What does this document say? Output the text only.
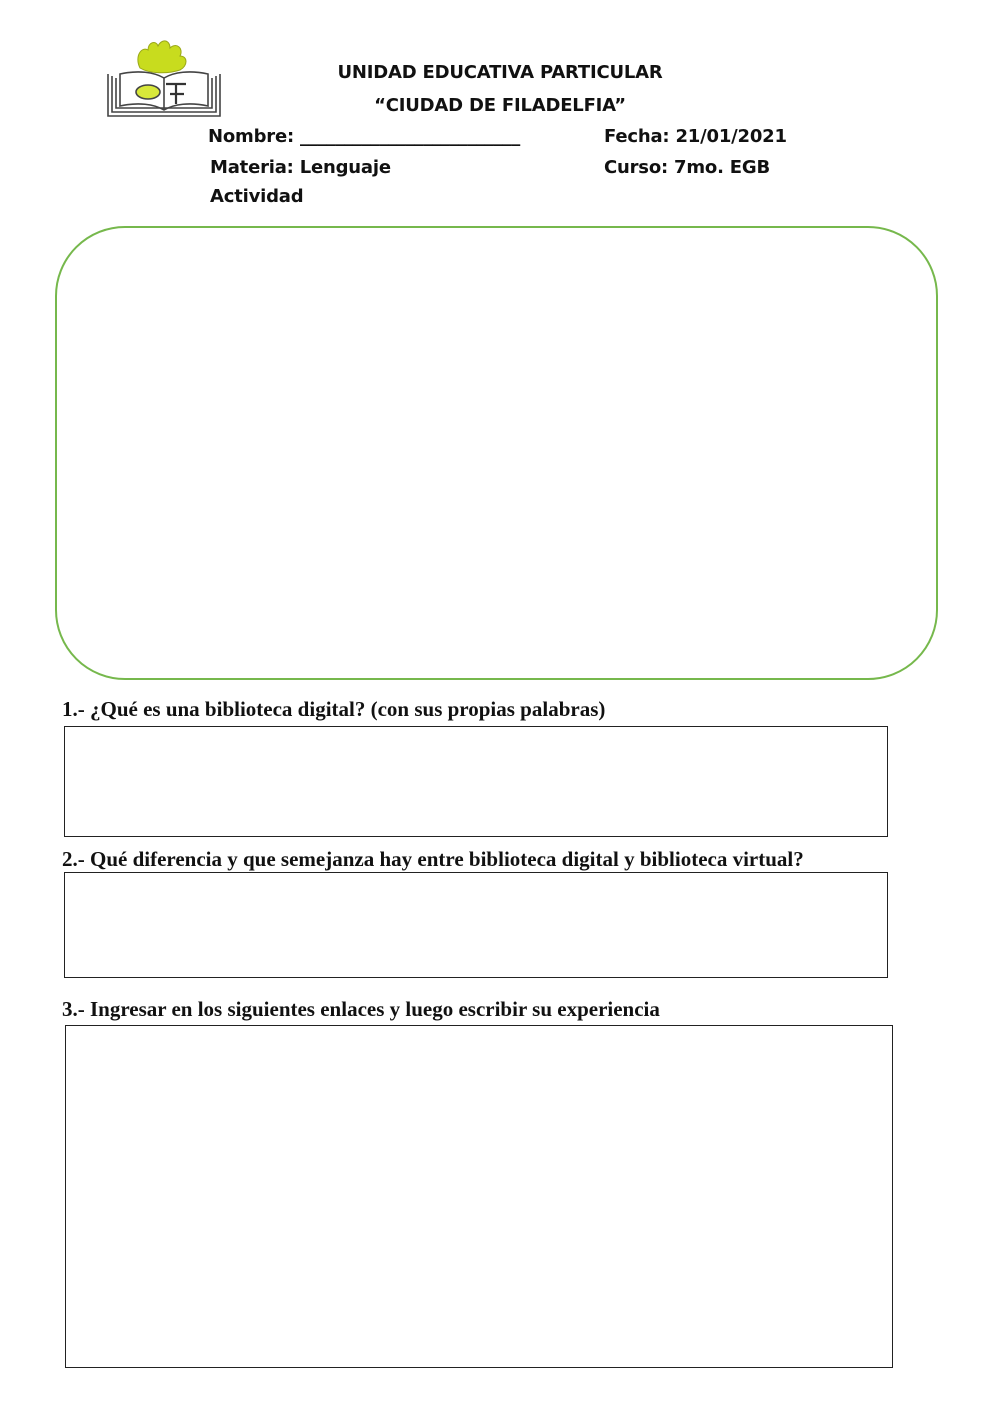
UNIDAD EDUCATIVA PARTICULAR
“CIUDAD DE FILADELFIA”
Nombre: _________________________	Fecha: 21/01/2021
Materia: Lenguaje	Curso: 7mo. EGB
Actividad
1.- ¿Qué es una biblioteca digital? (con sus propias palabras)
2.- Qué diferencia y que semejanza hay entre biblioteca digital y biblioteca virtual?
3.- Ingresar en los siguientes enlaces y luego escribir su experiencia
